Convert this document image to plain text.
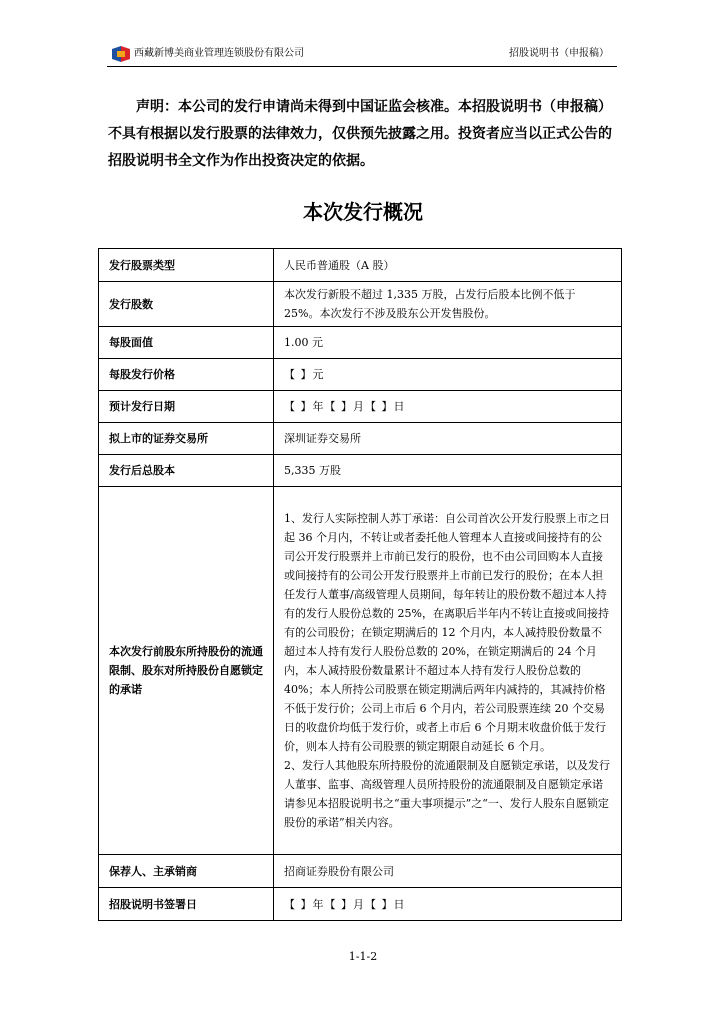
西藏新博美商业管理连锁股份有限公司	招股说明书（申报稿）

声明：本公司的发行申请尚未得到中国证监会核准。本招股说明书（申报稿）不具有根据以发行股票的法律效力，仅供预先披露之用。投资者应当以正式公告的招股说明书全文作为作出投资决定的依据。

本次发行概况
发行股票类型	人民币普通股（A 股）
发行股数	本次发行新股不超过 1,335 万股，占发行后股本比例不低于 25%。本次发行不涉及股东公开发售股份。
每股面值	1.00 元
每股发行价格	【 】元
预计发行日期	【 】年【 】月【 】日
拟上市的证券交易所	深圳证券交易所
发行后总股本	5,335 万股
本次发行前股东所持股份的流通限制、股东对所持股份自愿锁定的承诺	1、发行人实际控制人苏丁承诺：自公司首次公开发行股票上市之日起 36 个月内，不转让或者委托他人管理本人直接或间接持有的公司公开发行股票并上市前已发行的股份，也不由公司回购本人直接或间接持有的公司公开发行股票并上市前已发行的股份；在本人担任发行人董事/高级管理人员期间，每年转让的股份数不超过本人持有的发行人股份总数的 25%，在离职后半年内不转让直接或间接持有的公司股份；在锁定期满后的 12 个月内，本人减持股份数量不超过本人持有发行人股份总数的 20%，在锁定期满后的 24 个月内，本人减持股份数量累计不超过本人持有发行人股份总数的 40%；本人所持公司股票在锁定期满后两年内减持的，其减持价格不低于发行价；公司上市后 6 个月内，若公司股票连续 20 个交易日的收盘价均低于发行价，或者上市后 6 个月期末收盘价低于发行价，则本人持有公司股票的锁定期限自动延长 6 个月。

2、发行人其他股东所持股份的流通限制及自愿锁定承诺，以及发行人董事、监事、高级管理人员所持股份的流通限制及自愿锁定承诺请参见本招股说明书之“重大事项提示”之“一、发行人股东自愿锁定股份的承诺”相关内容。

保荐人、主承销商	招商证券股份有限公司
招股说明书签署日	【 】年【 】月【 】日
1-1-2
